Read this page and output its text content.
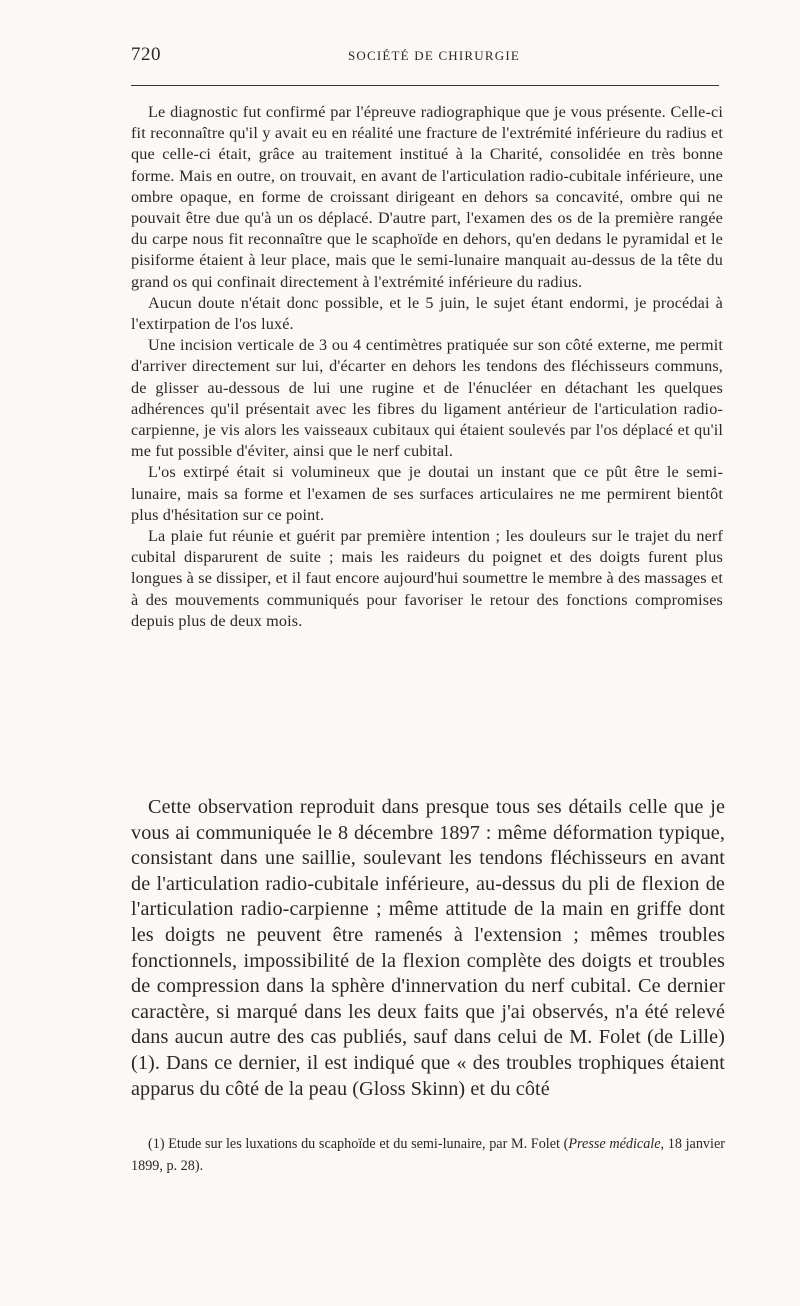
720	SOCIÉTÉ DE CHIRURGIE

Le diagnostic fut confirmé par l'épreuve radiographique que je vous présente. Celle-ci fit reconnaître qu'il y avait eu en réalité une fracture de l'extrémité inférieure du radius et que celle-ci était, grâce au traitement institué à la Charité, consolidée en très bonne forme. Mais en outre, on trouvait, en avant de l'articulation radio-cubitale inférieure, une ombre opaque, en forme de croissant dirigeant en dehors sa concavité, ombre qui ne pouvait être due qu'à un os déplacé. D'autre part, l'examen des os de la première rangée du carpe nous fit reconnaître que le scaphoïde en dehors, qu'en dedans le pyramidal et le pisiforme étaient à leur place, mais que le semi-lunaire manquait au-dessus de la tête du grand os qui confinait directement à l'extrémité inférieure du radius.

Aucun doute n'était donc possible, et le 5 juin, le sujet étant endormi, je procédai à l'extirpation de l'os luxé.

Une incision verticale de 3 ou 4 centimètres pratiquée sur son côté externe, me permit d'arriver directement sur lui, d'écarter en dehors les tendons des fléchisseurs communs, de glisser au-dessous de lui une rugine et de l'énucléer en détachant les quelques adhérences qu'il présentait avec les fibres du ligament antérieur de l'articulation radio-carpienne, je vis alors les vaisseaux cubitaux qui étaient soulevés par l'os déplacé et qu'il me fut possible d'éviter, ainsi que le nerf cubital.

L'os extirpé était si volumineux que je doutai un instant que ce pût être le semi-lunaire, mais sa forme et l'examen de ses surfaces articulaires ne me permirent bientôt plus d'hésitation sur ce point.

La plaie fut réunie et guérit par première intention ; les douleurs sur le trajet du nerf cubital disparurent de suite ; mais les raideurs du poignet et des doigts furent plus longues à se dissiper, et il faut encore aujourd'hui soumettre le membre à des massages et à des mouvements communiqués pour favoriser le retour des fonctions compromises depuis plus de deux mois.

Cette observation reproduit dans presque tous ses détails celle que je vous ai communiquée le 8 décembre 1897 : même déformation typique, consistant dans une saillie, soulevant les tendons fléchisseurs en avant de l'articulation radio-cubitale inférieure, au-dessus du pli de flexion de l'articulation radio-carpienne ; même attitude de la main en griffe dont les doigts ne peuvent être ramenés à l'extension ; mêmes troubles fonctionnels, impossibilité de la flexion complète des doigts et troubles de compression dans la sphère d'innervation du nerf cubital. Ce dernier caractère, si marqué dans les deux faits que j'ai observés, n'a été relevé dans aucun autre des cas publiés, sauf dans celui de M. Folet (de Lille) (1). Dans ce dernier, il est indiqué que « des troubles trophiques étaient apparus du côté de la peau (Gloss Skinn) et du côté

(1) Etude sur les luxations du scaphoïde et du semi-lunaire, par M. Folet (Presse médicale, 18 janvier 1899, p. 28).
